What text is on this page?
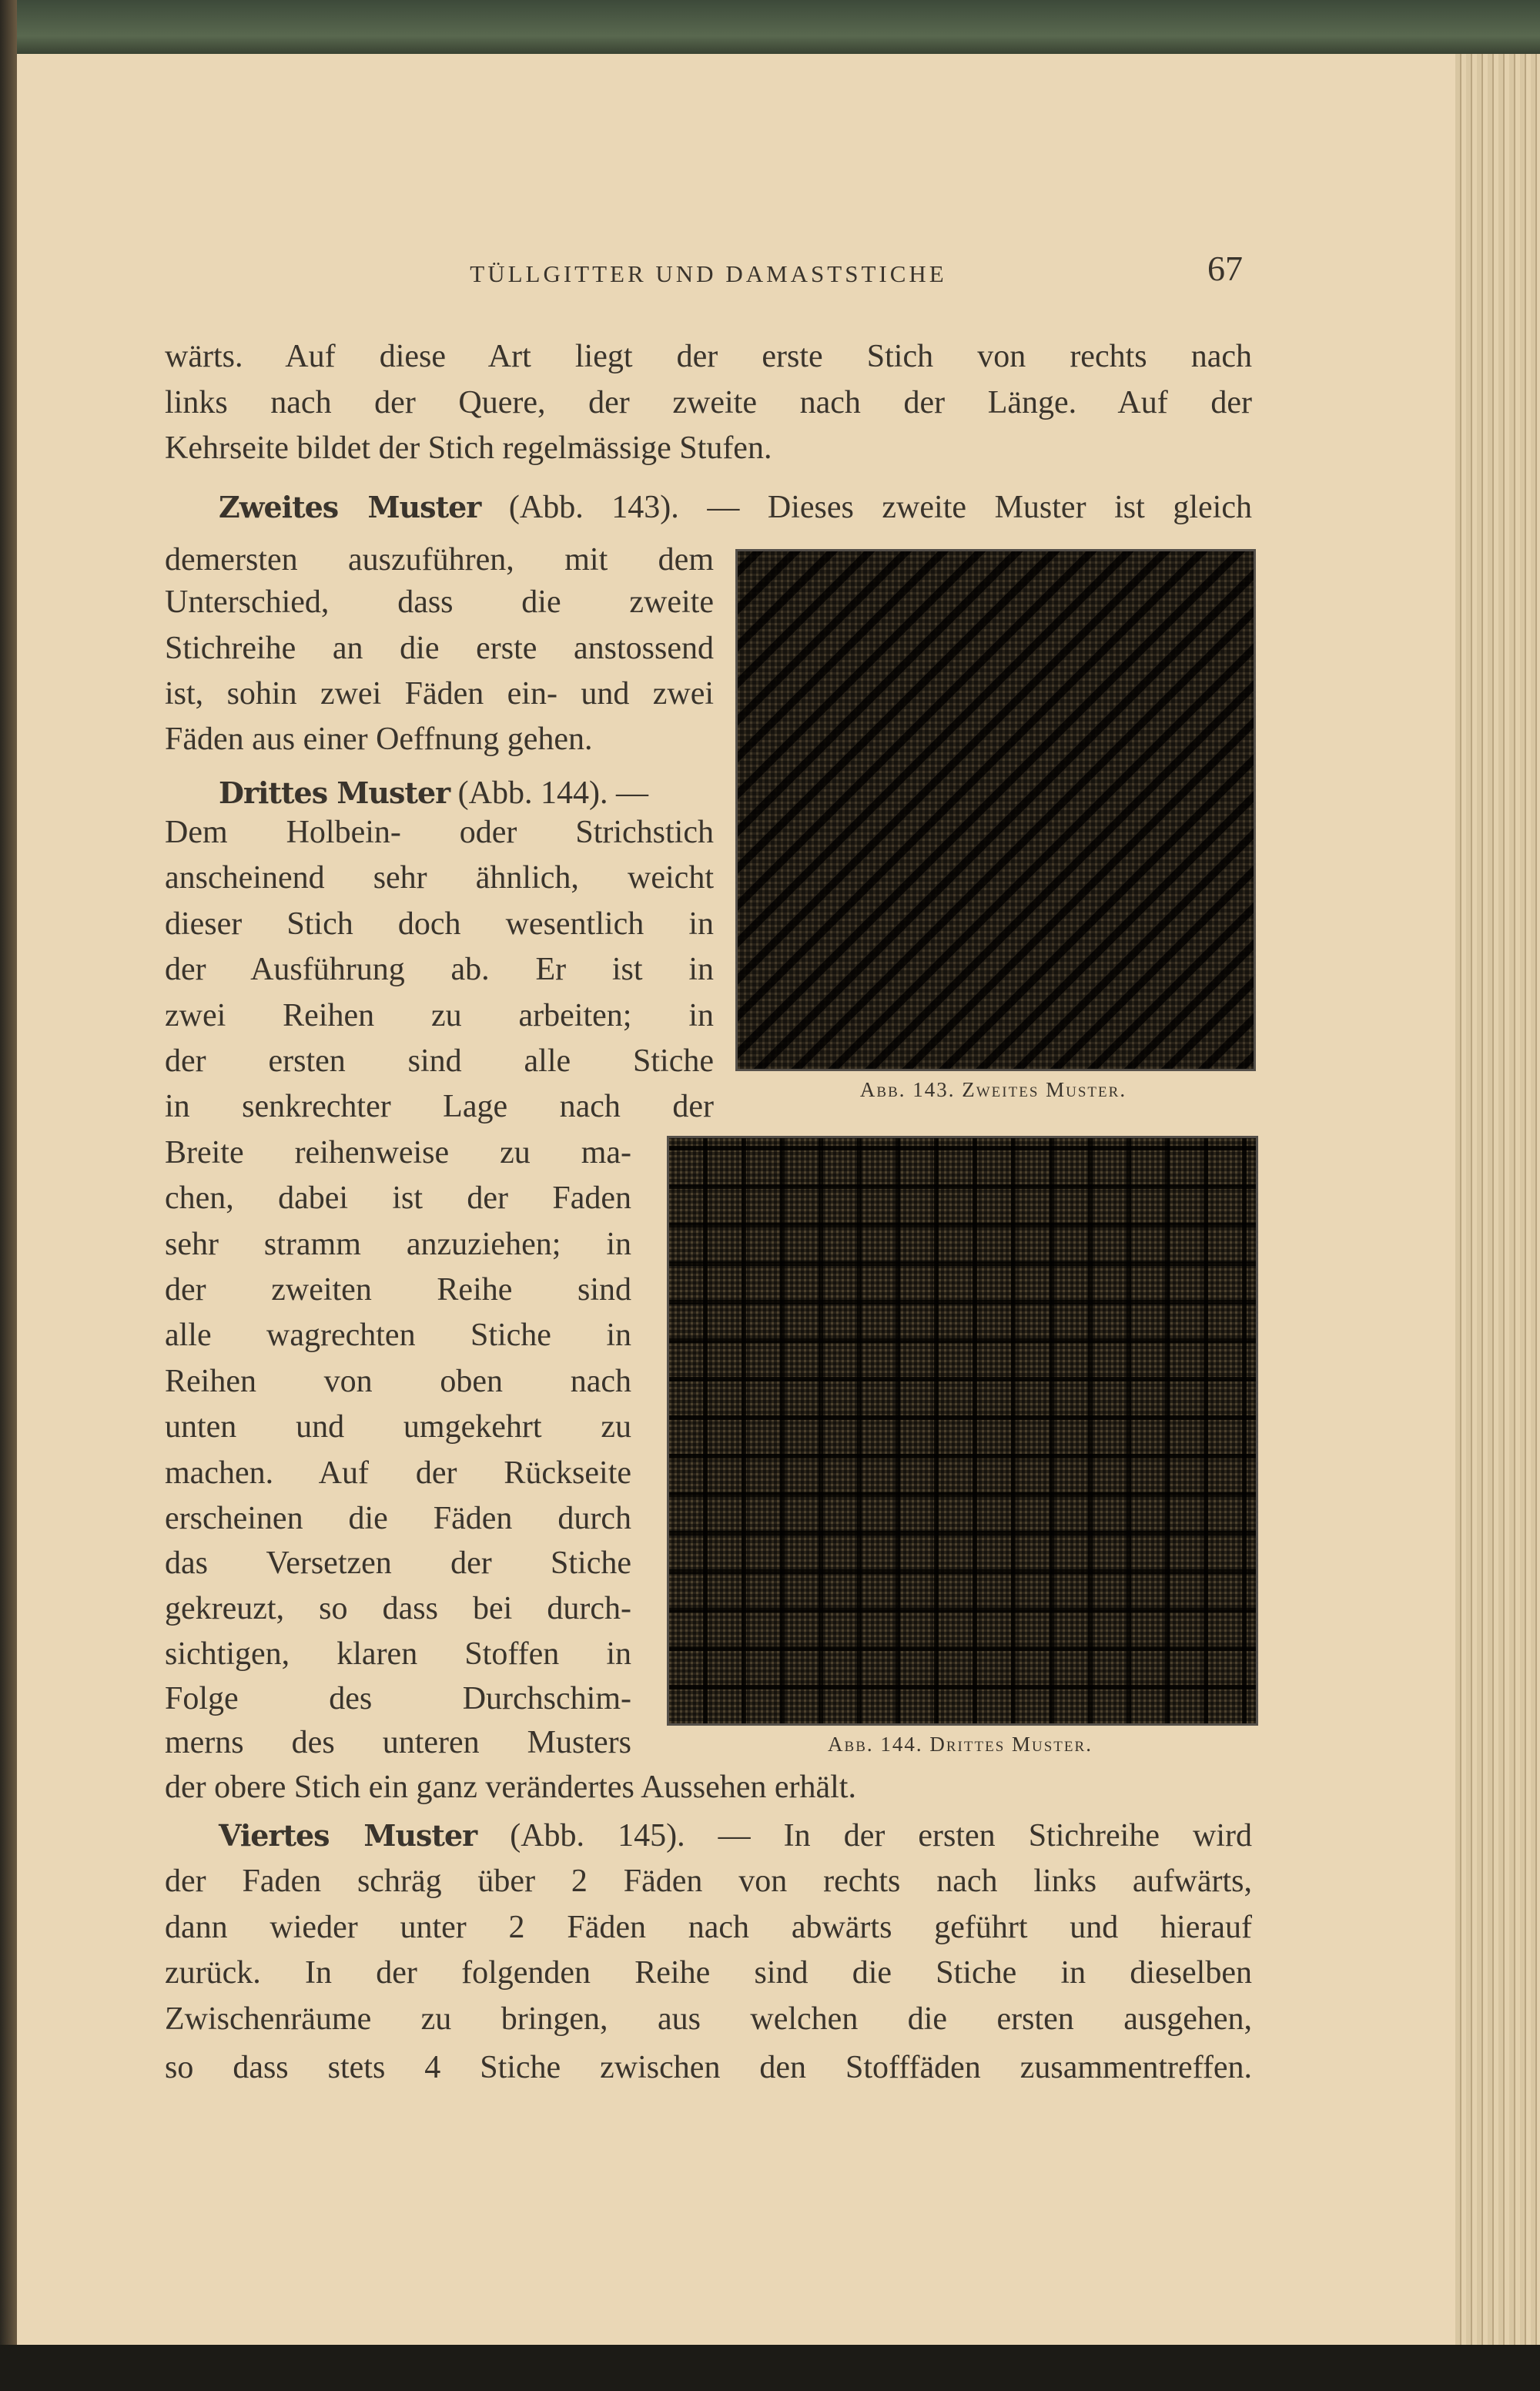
TÜLLGITTER UND DAMASTSTICHE	67
wärts. Auf diese Art liegt der erste Stich von rechts nach
links nach der Quere, der zweite nach der Länge. Auf der
Kehrseite bildet der Stich regelmässige Stufen.
Zweites Muster (Abb. 143). — Dieses zweite Muster ist gleich
demersten auszuführen, mit dem
Unterschied, dass die zweite
Stichreihe an die erste anstossend
ist, sohin zwei Fäden ein- und zwei
Fäden aus einer Oeffnung gehen.
Drittes Muster (Abb. 144). —
Dem Holbein- oder Strichstich
anscheinend sehr ähnlich, weicht
dieser Stich doch wesentlich in
der Ausführung ab. Er ist in
zwei Reihen zu arbeiten; in
der ersten sind alle Stiche
in senkrechter Lage nach der
Breite reihenweise zu ma-
chen, dabei ist der Faden
sehr stramm anzuziehen; in
der zweiten Reihe sind
alle wagrechten Stiche in
Reihen von oben nach
unten und umgekehrt zu
machen. Auf der Rückseite
erscheinen die Fäden durch
das Versetzen der Stiche
gekreuzt, so dass bei durch-
sichtigen, klaren Stoffen in
Folge des Durchschim-
merns des unteren Musters
der obere Stich ein ganz verändertes Aussehen erhält.
Viertes Muster (Abb. 145). — In der ersten Stichreihe wird
der Faden schräg über 2 Fäden von rechts nach links aufwärts,
dann wieder unter 2 Fäden nach abwärts geführt und hierauf
zurück. In der folgenden Reihe sind die Stiche in dieselben
Zwischenräume zu bringen, aus welchen die ersten ausgehen,
so dass stets 4 Stiche zwischen den Stofffäden zusammentreffen.
Abb. 143. Zweites Muster.
Abb. 144. Drittes Muster.
